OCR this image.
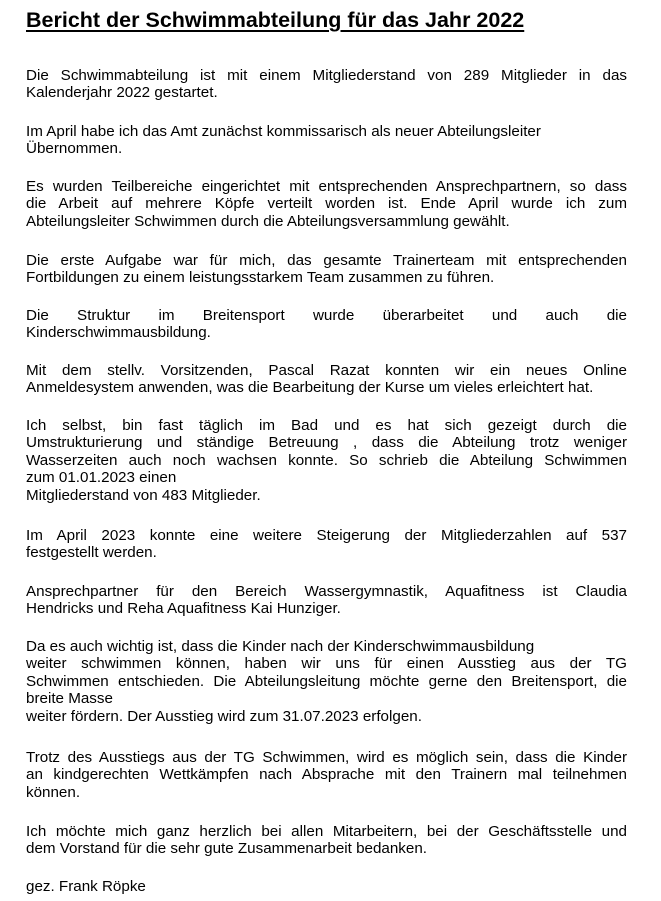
Bericht der Schwimmabteilung für das Jahr 2022
Die Schwimmabteilung ist mit einem Mitgliederstand von 289 Mitglieder in das
Kalenderjahr 2022 gestartet.
Im April habe ich das Amt zunächst kommissarisch als neuer Abteilungsleiter
Übernommen.
Es wurden Teilbereiche eingerichtet mit entsprechenden Ansprechpartnern, so dass
die Arbeit auf mehrere Köpfe verteilt worden ist. Ende April wurde ich zum
Abteilungsleiter Schwimmen durch die Abteilungsversammlung gewählt.
Die erste Aufgabe war für mich, das gesamte Trainerteam mit entsprechenden
Fortbildungen zu einem leistungsstarkem Team zusammen zu führen.
Die Struktur im Breitensport wurde überarbeitet und auch die
Kinderschwimmausbildung.
Mit dem stellv. Vorsitzenden, Pascal Razat konnten wir ein neues Online
Anmeldesystem anwenden, was die Bearbeitung der Kurse um vieles erleichtert hat.
Ich selbst, bin fast täglich im Bad und es hat sich gezeigt durch die
Umstrukturierung und ständige Betreuung , dass die Abteilung trotz weniger
Wasserzeiten auch noch wachsen konnte. So schrieb die Abteilung Schwimmen
zum 01.01.2023 einen
Mitgliederstand von 483 Mitglieder.
Im April 2023 konnte eine weitere Steigerung der Mitgliederzahlen auf 537
festgestellt werden.
Ansprechpartner für den Bereich Wassergymnastik, Aquafitness ist Claudia
Hendricks und Reha Aquafitness Kai Hunziger.
Da es auch wichtig ist, dass die Kinder nach der Kinderschwimmausbildung
weiter schwimmen können, haben wir uns für einen Ausstieg aus der TG
Schwimmen entschieden. Die Abteilungsleitung möchte gerne den Breitensport, die
breite Masse
weiter fördern. Der Ausstieg wird zum 31.07.2023 erfolgen.
Trotz des Ausstiegs aus der TG Schwimmen, wird es möglich sein, dass die Kinder
an kindgerechten Wettkämpfen nach Absprache mit den Trainern mal teilnehmen
können.
Ich möchte mich ganz herzlich bei allen Mitarbeitern, bei der Geschäftsstelle und
dem Vorstand für die sehr gute Zusammenarbeit bedanken.
gez. Frank Röpke
